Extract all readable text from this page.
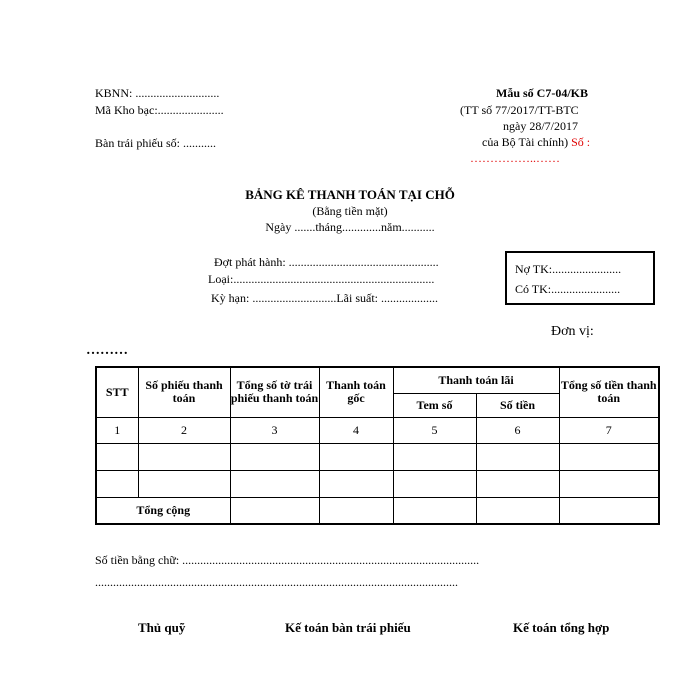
KBNN: ............................
Mã Kho bạc:......................
Bàn trái phiếu số: ...........
Mẫu số C7-04/KB
(TT số 77/2017/TT-BTC
ngày 28/7/2017
của Bộ Tài chính) Số :
……………..……
BẢNG KÊ THANH TOÁN TẠI CHỖ
(Bằng tiền mặt)
Ngày .......tháng.............năm...........
Đợt phát hành: ..................................................
Loại:...................................................................
Kỳ hạn: ............................Lãi suất: ...................
Nợ TK:.......................
Có TK:.......................
Đơn vị:
………
STT	Số phiếu thanh toán	Tổng số tờ trái phiếu thanh toán	Thanh toán gốc	Thanh toán lãi		Tổng số tiền thanh toán
				Tem số	Số tiền	
1	2	3	4	5	6	7

Tổng cộng						
Số tiền bằng chữ: ...................................................................................................
.........................................................................................................................
Thủ quỹ	Kế toán bàn trái phiếu	Kế toán tổng hợp
